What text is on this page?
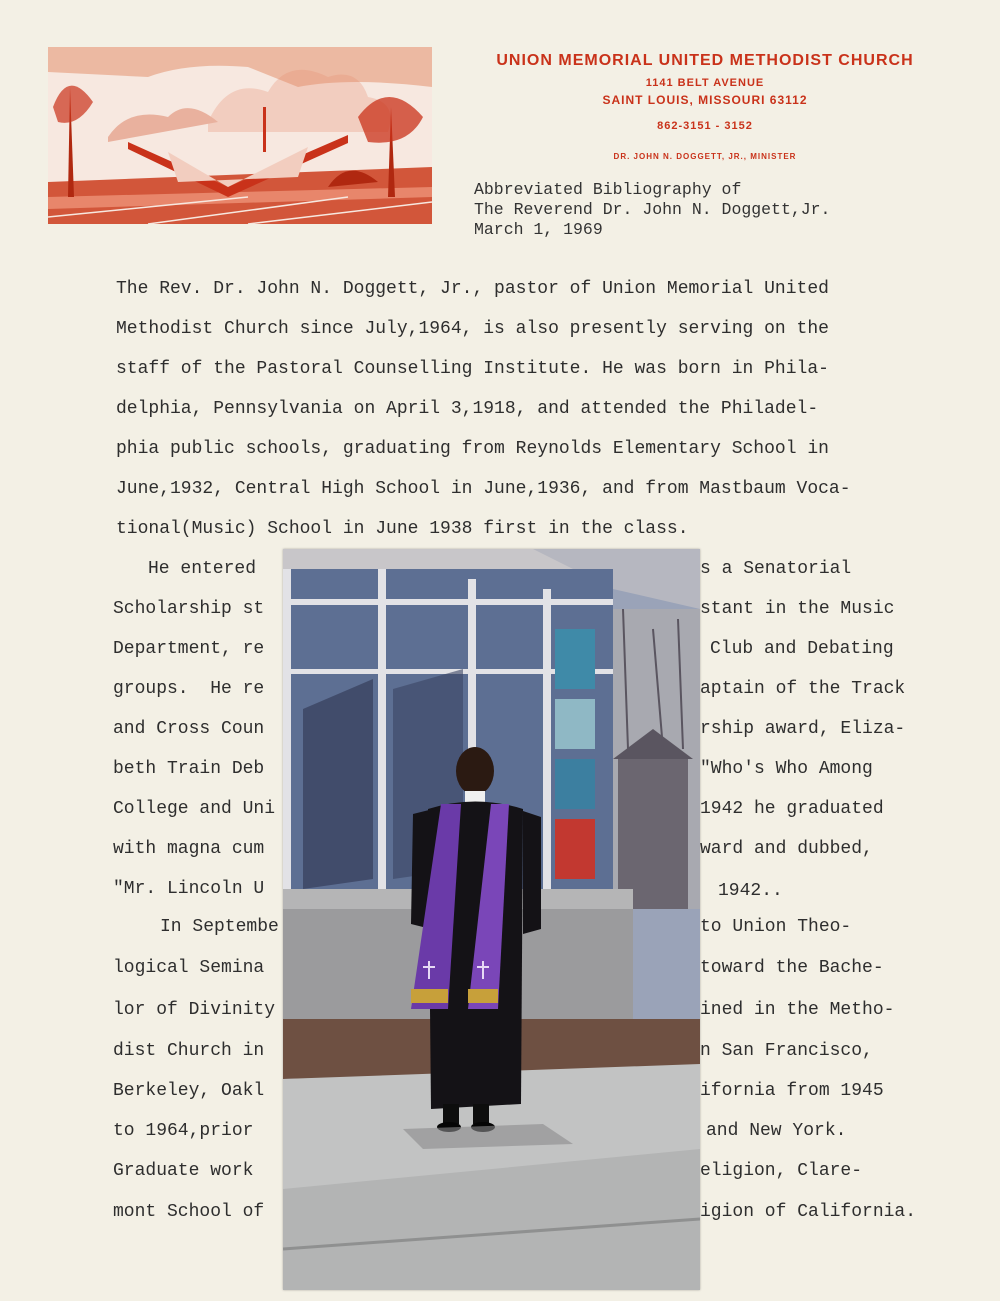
UNION MEMORIAL UNITED METHODIST CHURCH
1141 BELT AVENUE
SAINT LOUIS, MISSOURI 63112
862-3151 - 3152
DR. JOHN N. DOGGETT, JR., MINISTER
Abbreviated Bibliography of
The Reverend Dr. John N. Doggett,Jr.
March 1, 1969
The Rev. Dr. John N. Doggett, Jr., pastor of Union Memorial United
Methodist Church since July,1964, is also presently serving on the
staff of the Pastoral Counselling Institute. He was born in Phila-
delphia, Pennsylvania on April 3,1918, and attended the Philadel-
phia public schools, graduating from Reynolds Elementary School in
June,1932, Central High School in June,1936, and from Mastbaum Voca-
tional(Music) School in June 1938 first in the class.
He entered	s a Senatorial
Scholarship st	stant in the Music
Department, re	Club and Debating
groups.  He re	aptain of the Track
and Cross Coun	rship award, Eliza-
beth Train Deb	"Who's Who Among
College and Uni	1942 he graduated
with magna cum	ward and dubbed,
"Mr. Lincoln U	1942..
In Septembe	to Union Theo-
logical Semina	toward the Bache-
lor of Divinity	ined in the Metho-
dist Church in	n San Francisco,
Berkeley, Oakl	ifornia from 1945
to 1964,prior	and New York.
Graduate work	eligion, Clare-
mont School of	igion of California.
